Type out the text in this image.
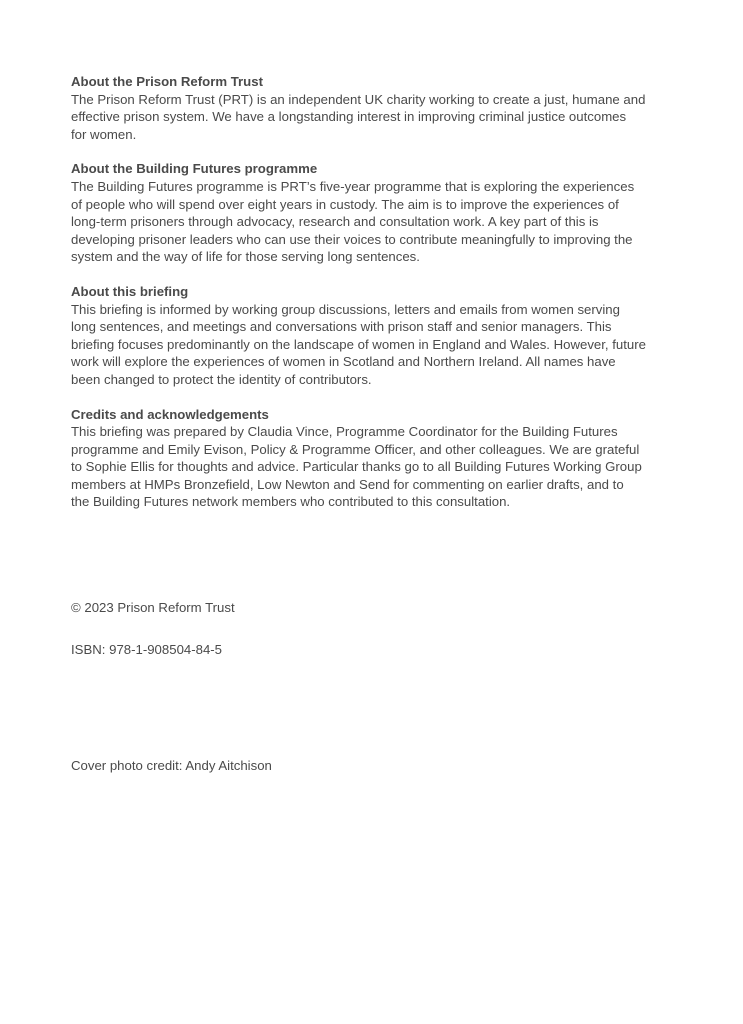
About the Prison Reform Trust

The Prison Reform Trust (PRT) is an independent UK charity working to create a just, humane and

effective prison system. We have a longstanding interest in improving criminal justice outcomes

for women.

About the Building Futures programme

The Building Futures programme is PRT’s five-year programme that is exploring the experiences

of people who will spend over eight years in custody. The aim is to improve the experiences of

long-term prisoners through advocacy, research and consultation work. A key part of this is

developing prisoner leaders who can use their voices to contribute meaningfully to improving the

system and the way of life for those serving long sentences.

About this briefing

This briefing is informed by working group discussions, letters and emails from women serving

long sentences, and meetings and conversations with prison staff and senior managers. This

briefing focuses predominantly on the landscape of women in England and Wales. However, future

work will explore the experiences of women in Scotland and Northern Ireland. All names have

been changed to protect the identity of contributors.

Credits and acknowledgements

This briefing was prepared by Claudia Vince, Programme Coordinator for the Building Futures

programme and Emily Evison, Policy & Programme Officer, and other colleagues. We are grateful

to Sophie Ellis for thoughts and advice. Particular thanks go to all Building Futures Working Group

members at HMPs Bronzefield, Low Newton and Send for commenting on earlier drafts, and to

the Building Futures network members who contributed to this consultation.

© 2023 Prison Reform Trust

ISBN: 978-1-908504-84-5

Cover photo credit: Andy Aitchison
